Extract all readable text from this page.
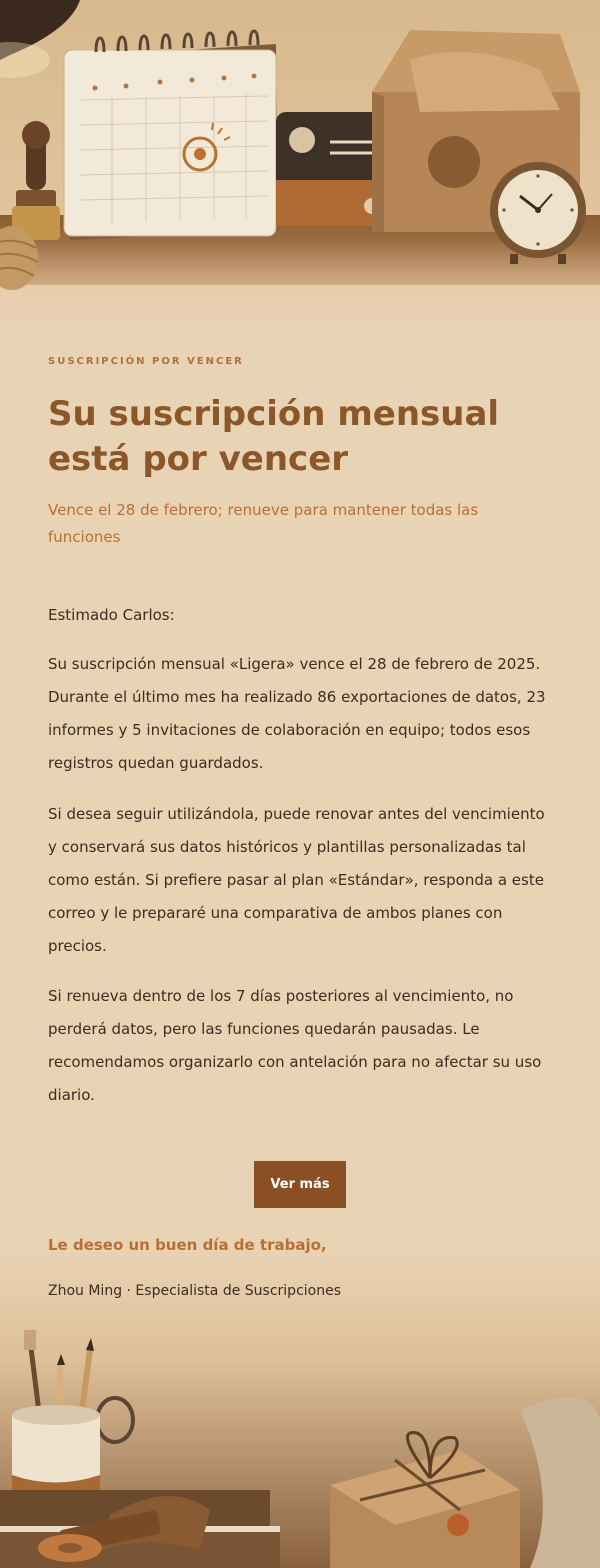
SUSCRIPCIÓN POR VENCER
Su suscripción mensual está por vencer

Vence el 28 de febrero; renueve para mantener todas las funciones

Estimado Carlos:

Su suscripción mensual «Ligera» vence el 28 de febrero de 2025. Durante el último mes ha realizado 86 exportaciones de datos, 23 informes y 5 invitaciones de colaboración en equipo; todos esos registros quedan guardados.

Si desea seguir utilizándola, puede renovar antes del vencimiento y conservará sus datos históricos y plantillas personalizadas tal como están. Si prefiere pasar al plan «Estándar», responda a este correo y le prepararé una comparativa de ambos planes con precios.

Si renueva dentro de los 7 días posteriores al vencimiento, no perderá datos, pero las funciones quedarán pausadas. Le recomendamos organizarlo con antelación para no afectar su uso diario.

Ver más

Le deseo un buen día de trabajo,

Zhou Ming · Especialista de Suscripciones
